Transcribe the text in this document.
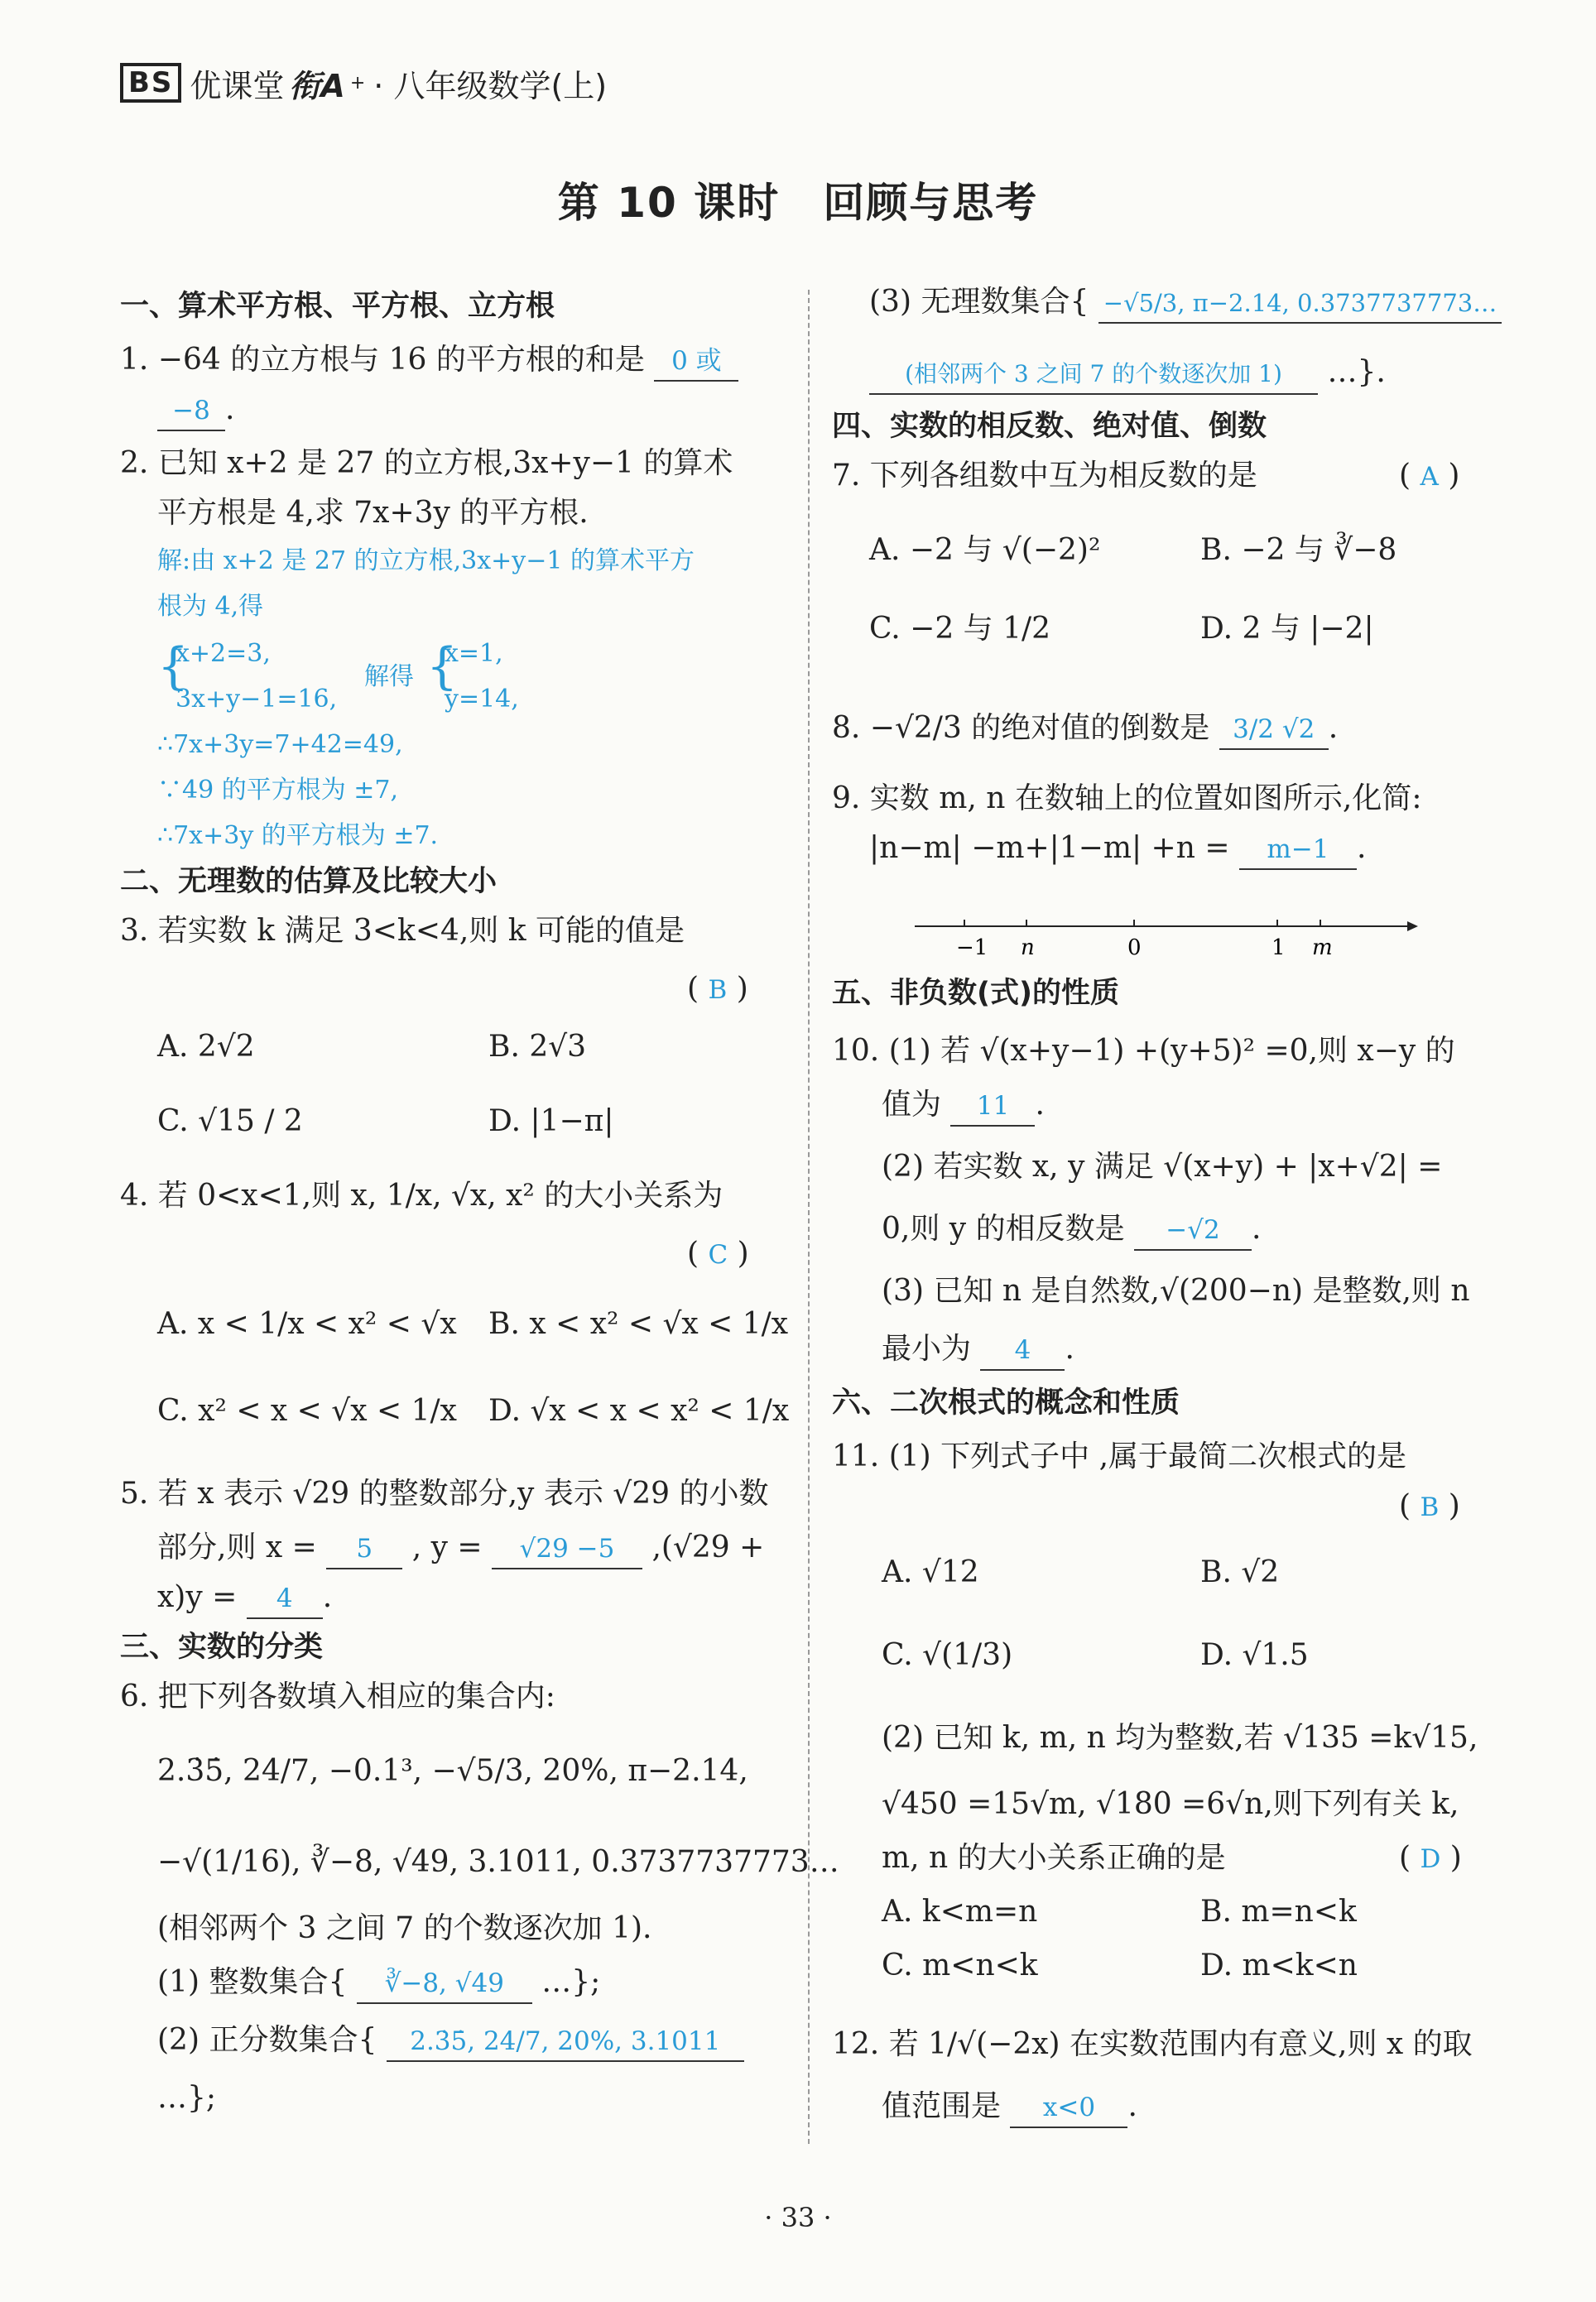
BS 优课堂 衔A + · 八年级数学(上)
第 10 课时　回顾与思考
一、算术平方根、平方根、立方根
1. −64 的立方根与 16 的平方根的和是 0 或
−8 .
2. 已知 x+2 是 27 的立方根,3x+y−1 的算术
平方根是 4,求 7x+3y 的平方根.
解:由 x+2 是 27 的立方根,3x+y−1 的算术平方
根为 4,得
{
x+2=3,
3x+y−1=16,
解得 {
x=1,
y=14,
∴7x+3y=7+42=49,
∵49 的平方根为 ±7,
∴7x+3y 的平方根为 ±7.
二、无理数的估算及比较大小
3. 若实数 k 满足 3<k<4,则 k 可能的值是
( B )
A. 2√2	B. 2√3
C. √15 / 2	D. |1−π|
4. 若 0<x<1,则 x, 1/x, √x, x² 的大小关系为
( C )
A. x < 1/x < x² < √x B. x < x² < √x < 1/x
C. x² < x < √x < 1/x D. √x < x < x² < 1/x
5. 若 x 表示 √29 的整数部分,y 表示 √29 的小数
部分,则 x = 5 , y = √29 −5 ,(√29 +
x)y = 4 .
三、实数的分类
6. 把下列各数填入相应的集合内:
2.3̇5̇, 24/7, −0.1³, −√5/3, 20%, π−2.14,
−√(1/16), ∛−8, √49, 3.1011, 0.3737737773…
(相邻两个 3 之间 7 的个数逐次加 1).
(1) 整数集合{ ∛−8, √49 …};
(2) 正分数集合{ 2.3̇5̇, 24/7, 20%, 3.1011
…};
(3) 无理数集合{ −√5/3, π−2.14, 0.3737737773…
(相邻两个 3 之间 7 的个数逐次加 1) …}.
四、实数的相反数、绝对值、倒数
7. 下列各组数中互为相反数的是	( A )
A. −2 与 √(−2)²	B. −2 与 ∛−8
C. −2 与 1/2	D. 2 与 |−2|
8. −√2/3 的绝对值的倒数是 3/2 √2 .
9. 实数 m, n 在数轴上的位置如图所示,化简:
|n−m| −m+|1−m| +n = m−1 .
五、非负数(式)的性质
10. (1) 若 √(x+y−1) +(y+5)² =0,则 x−y 的
值为 11 .
(2) 若实数 x, y 满足 √(x+y) + |x+√2| =
0,则 y 的相反数是 −√2 .
(3) 已知 n 是自然数,√(200−n) 是整数,则 n
最小为 4 .
六、二次根式的概念和性质
11. (1) 下列式子中 ,属于最简二次根式的是
( B )
A. √12	B. √2
C. √(1/3)	D. √1.5
(2) 已知 k, m, n 均为整数,若 √135 =k√15,
√450 =15√m, √180 =6√n,则下列有关 k,
m, n 的大小关系正确的是	( D )
A. k<m=n	B. m=n<k
C. m<n<k	D. m<k<n
12. 若 1/√(−2x) 在实数范围内有意义,则 x 的取
值范围是 x<0 .
−1 n	0	1 m
· 33 ·
